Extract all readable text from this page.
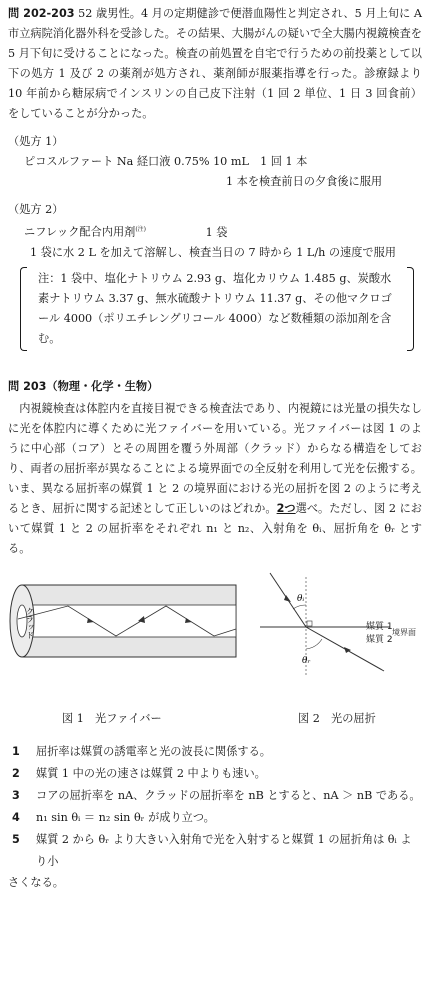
問 202-203 52 歳男性。4 月の定期健診で便潜血陽性と判定され、5 月上旬に A 市立病院消化器外科を受診した。その結果、大腸がんの疑いで全大腸内視鏡検査を 5 月下旬に受けることになった。検査の前処置を自宅で行うための前投薬として以下の処方 1 及び 2 の薬剤が処方され、薬剤師が服薬指導を行った。診療録より 10 年前から糖尿病でインスリンの自己皮下注射（1 回 2 単位、1 日 3 回食前）をしていることが分かった。

（処方 1）

ピコスルファート Na 経口液 0.75% 10 mL　1 回 1 本

1 本を検査前日の夕食後に服用

（処方 2）

ニフレック配合内用剤$^{(注)}$	1 袋

1 袋に水 2 L を加えて溶解し、検査当日の 7 時から 1 L/h の速度で服用

注：1 袋中、塩化ナトリウム 2.93 g、塩化カリウム 1.485 g、炭酸水素ナトリウム 3.37 g、無水硫酸ナトリウム 11.37 g、その他マクロゴール 4000（ポリエチレングリコール 4000）など数種類の添加剤を含む。

問 203（物理・化学・生物）

内視鏡検査は体腔内を直接目視できる検査法であり、内視鏡には光量の損失なしに光を体腔内に導くために光ファイバーを用いている。光ファイバーは図 1 のように中心部（コア）とその周囲を覆う外周部（クラッド）からなる構造をしており、両者の屈折率が異なることによる境界面での全反射を利用して光を伝搬する。いま、異なる屈折率の媒質 1 と 2 の境界面における光の屈折を図 2 のように考えるとき、屈折に関する記述として正しいのはどれか。2つ選べ。ただし、図 2 において媒質 1 と 2 の屈折率をそれぞれ n₁ と n₂、入射角を θᵢ、屈折角を θᵣ とする。

クラッド
θᵢ
θᵣ
媒質 1
媒質 2
境界面
図 1　光ファイバー	図 2　光の屈折
1	屈折率は媒質の誘電率と光の波長に関係する。
2	媒質 1 中の光の速さは媒質 2 中よりも速い。
3	コアの屈折率を nA、クラッドの屈折率を nB とすると、nA ＞ nB である。
4	n₁ sin θᵢ ＝ n₂ sin θᵣ が成り立つ。
5	媒質 2 から θᵣ より大きい入射角で光を入射すると媒質 1 の屈折角は θᵢ より小
さくなる。
